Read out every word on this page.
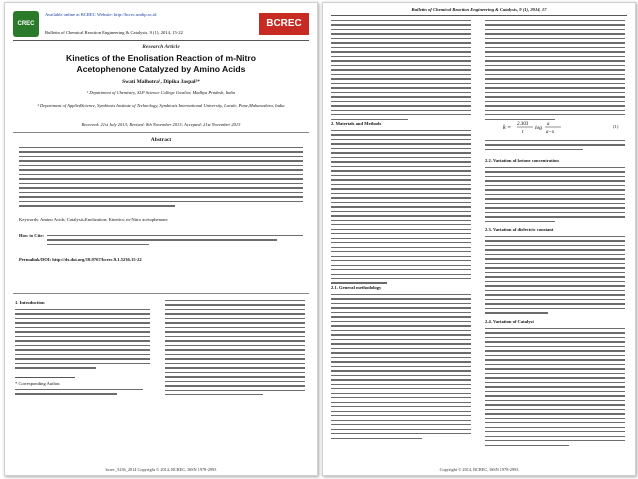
CREC
Available online at BCREC Website: http://bcrec.undip.ac.id
Bulletin of Chemical Reaction Engineering & Catalysis, 9 (1), 2014, 15-22
BCREC
Research Article
Kinetics of the Enolisation Reaction of m-Nitro Acetophenone Catalyzed by Amino Acids
Swati Malhotra¹, Dipika Jaspal²*
¹ Department of Chemistry, SLP Science College Gwalior, Madhya Pradesh, India
² Department of AppliedScience, Symbiosis Institute of Technology, Symbiosis International University, Lavale, Pune,Maharashtra, India
Received: 21st July 2013; Revised: 8th November 2013; Accepted: 21st November 2013
Abstract
Keywords: Amino Acids; Catalysis;Enolization; Kinetics; m-Nitro acetophenone
How to Cite:
Permalink/DOI: http://dx.doi.org/10.9767/bcrec.9.1.5236.15-22
1. Introduction
* Corresponding Author.
bcrec_5236_2014 Copyright © 2014, BCREC, ISSN 1978-2993
Bulletin of Chemical Reaction Engineering & Catalysis, 9 (1), 2014, 17
2. Materials and Methods
2.1. General methodology
k =
2.303
t
log
a
a−x
(1)
2.2. Variation of ketone concentration
2.3. Variation of dielectric constant
2.4. Variation of Catalyst
Copyright © 2014, BCREC, ISSN 1978-2993
